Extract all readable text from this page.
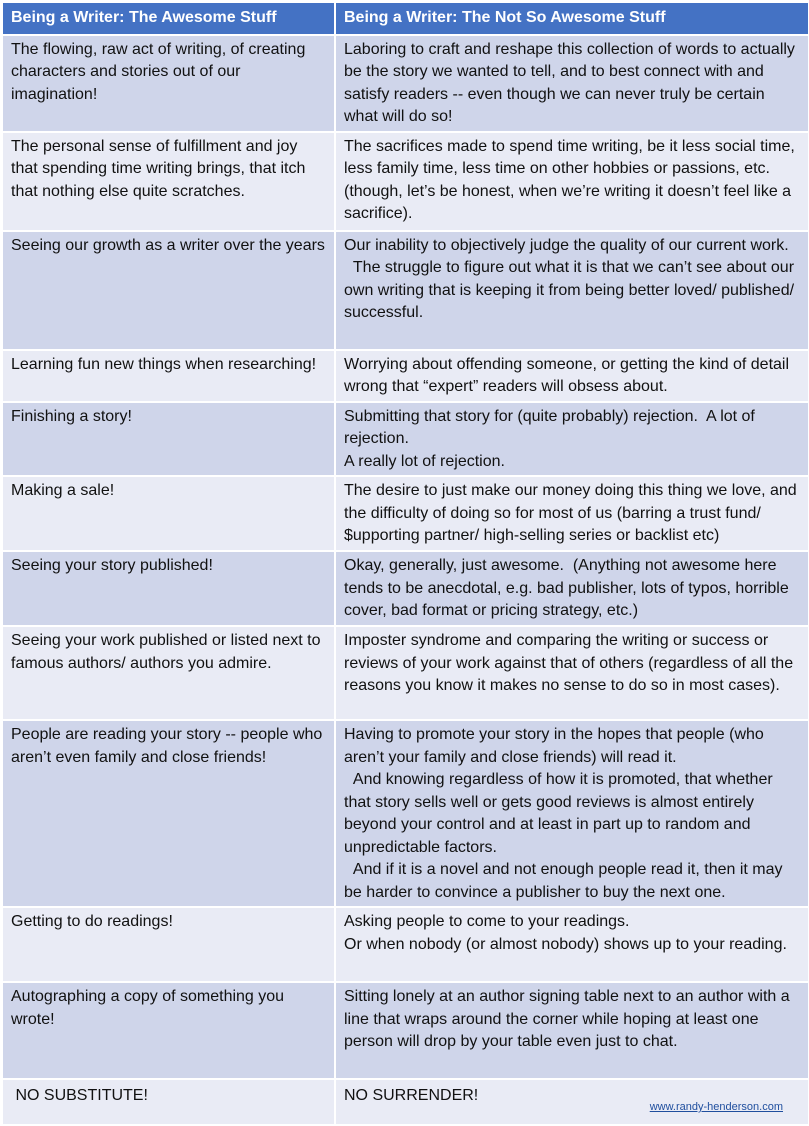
Being a Writer: The Awesome Stuff	Being a Writer: The Not So Awesome Stuff

The flowing, raw act of writing, of creating characters and stories out of our imagination!	Laboring to craft and reshape this collection of words to actually be the story we wanted to tell, and to best connect with and satisfy readers -- even though we can never truly be certain what will do so!

The personal sense of fulfillment and joy that spending time writing brings, that itch that nothing else quite scratches.	The sacrifices made to spend time writing, be it less social time, less family time, less time on other hobbies or passions, etc. (though, let’s be honest, when we’re writing it doesn’t feel like a sacrifice).

Seeing our growth as a writer over the years	Our inability to objectively judge the quality of our current work.
The struggle to figure out what it is that we can’t see about our own writing that is keeping it from being better loved/ published/ successful.

Learning fun new things when researching!	Worrying about offending someone, or getting the kind of detail wrong that “expert” readers will obsess about.

Finishing a story!	Submitting that story for (quite probably) rejection.  A lot of rejection.
A really lot of rejection.

Making a sale!	The desire to just make our money doing this thing we love, and the difficulty of doing so for most of us (barring a trust fund/ $upporting partner/ high-selling series or backlist etc)

Seeing your story published!	Okay, generally, just awesome.  (Anything not awesome here tends to be anecdotal, e.g. bad publisher, lots of typos, horrible cover, bad format or pricing strategy, etc.)

Seeing your work published or listed next to famous authors/ authors you admire.	Imposter syndrome and comparing the writing or success or reviews of your work against that of others (regardless of all the reasons you know it makes no sense to do so in most cases).

People are reading your story -- people who aren’t even family and close friends!	Having to promote your story in the hopes that people (who aren’t your family and close friends) will read it.
And knowing regardless of how it is promoted, that whether that story sells well or gets good reviews is almost entirely beyond your control and at least in part up to random and unpredictable factors.
And if it is a novel and not enough people read it, then it may be harder to convince a publisher to buy the next one.

Getting to do readings!	Asking people to come to your readings.
Or when nobody (or almost nobody) shows up to your reading.

Autographing a copy of something you wrote!	Sitting lonely at an author signing table next to an author with a line that wraps around the corner while hoping at least one person will drop by your table even just to chat.

NO SUBSTITUTE!	NO SURRENDER!
www.randy-henderson.com
